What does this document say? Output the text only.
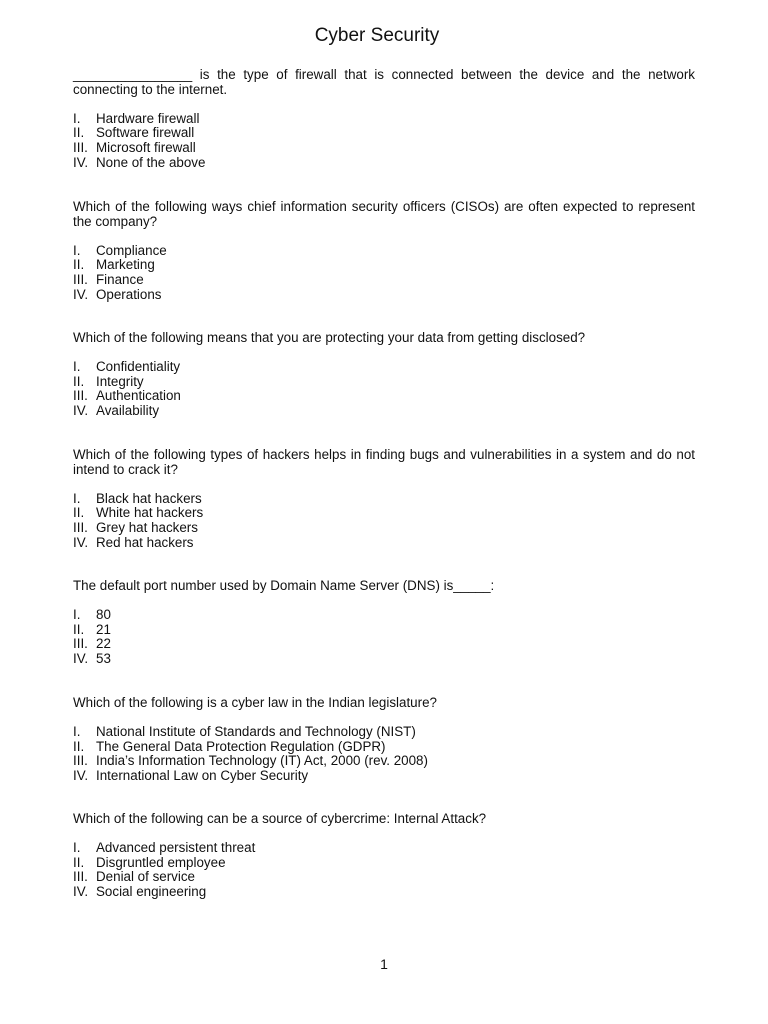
Cyber Security

________________ is the type of firewall that is connected between the device and the network connecting to the internet.

I.	Hardware firewall
II. Software firewall
III. Microsoft firewall
IV. None of the above

Which of the following ways chief information security officers (CISOs) are often expected to represent the company?

I.	Compliance
II. Marketing
III. Finance
IV. Operations

Which of the following means that you are protecting your data from getting disclosed?

I.	Confidentiality
II. Integrity
III. Authentication
IV. Availability

Which of the following types of hackers helps in finding bugs and vulnerabilities in a system and do not intend to crack it?

I.	Black hat hackers
II. White hat hackers
III. Grey hat hackers
IV. Red hat hackers

The default port number used by Domain Name Server (DNS) is_____:

I.	80
II. 21
III. 22
IV. 53

Which of the following is a cyber law in the Indian legislature?

I.	National Institute of Standards and Technology (NIST)
II. The General Data Protection Regulation (GDPR)
III. India’s Information Technology (IT) Act, 2000 (rev. 2008)
IV. International Law on Cyber Security

Which of the following can be a source of cybercrime: Internal Attack?

I.	Advanced persistent threat
II. Disgruntled employee
III. Denial of service
IV. Social engineering
1
